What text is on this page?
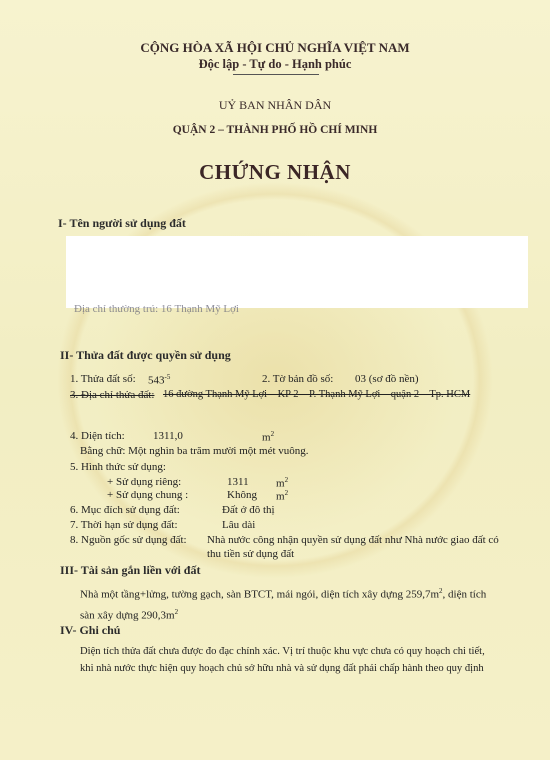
CỘNG HÒA XÃ HỘI CHỦ NGHĨA VIỆT NAM
Độc lập - Tự do - Hạnh phúc
UỶ BAN NHÂN DÂN
QUẬN 2 – THÀNH PHỐ HỒ CHÍ MINH
CHỨNG NHẬN
I- Tên người sử dụng đất
Địa chỉ thường trú: 16 Thạnh Mỹ Lợi
II- Thửa đất được quyền sử dụng
1. Thửa đất số: $543^{-5}$	2. Tờ bản đồ số: 03 (sơ đồ nền)
3. Địa chỉ thửa đất: 16 đường Thạnh Mỹ Lợi – KP 2 – P. Thạnh Mỹ Lợi – quận 2 – Tp. HCM
4. Diện tích:	1311,0	$m^2$
Bằng chữ: Một nghìn ba trăm mười một mét vuông.
5. Hình thức sử dụng:
+ Sử dụng riêng:	1311 $m^2$
+ Sử dụng chung :	Không $m^2$
6. Mục đích sử dụng đất:	Đất ở đô thị
7. Thời hạn sử dụng đất:	Lâu dài
8. Nguồn gốc sử dụng đất: Nhà nước công nhận quyền sử dụng đất như Nhà nước giao đất có
thu tiền sử dụng đất
III- Tài sản gắn liền với đất
Nhà một tầng+lửng, tường gạch, sàn BTCT, mái ngói, diện tích xây dựng $259,7m^2$, diện tích
sàn xây dựng $290,3m^2$
IV- Ghi chú
Diện tích thửa đất chưa được đo đạc chính xác. Vị trí thuộc khu vực chưa có quy hoạch chi tiết,
khi nhà nước thực hiện quy hoạch chủ sở hữu nhà và sử dụng đất phải chấp hành theo quy định
